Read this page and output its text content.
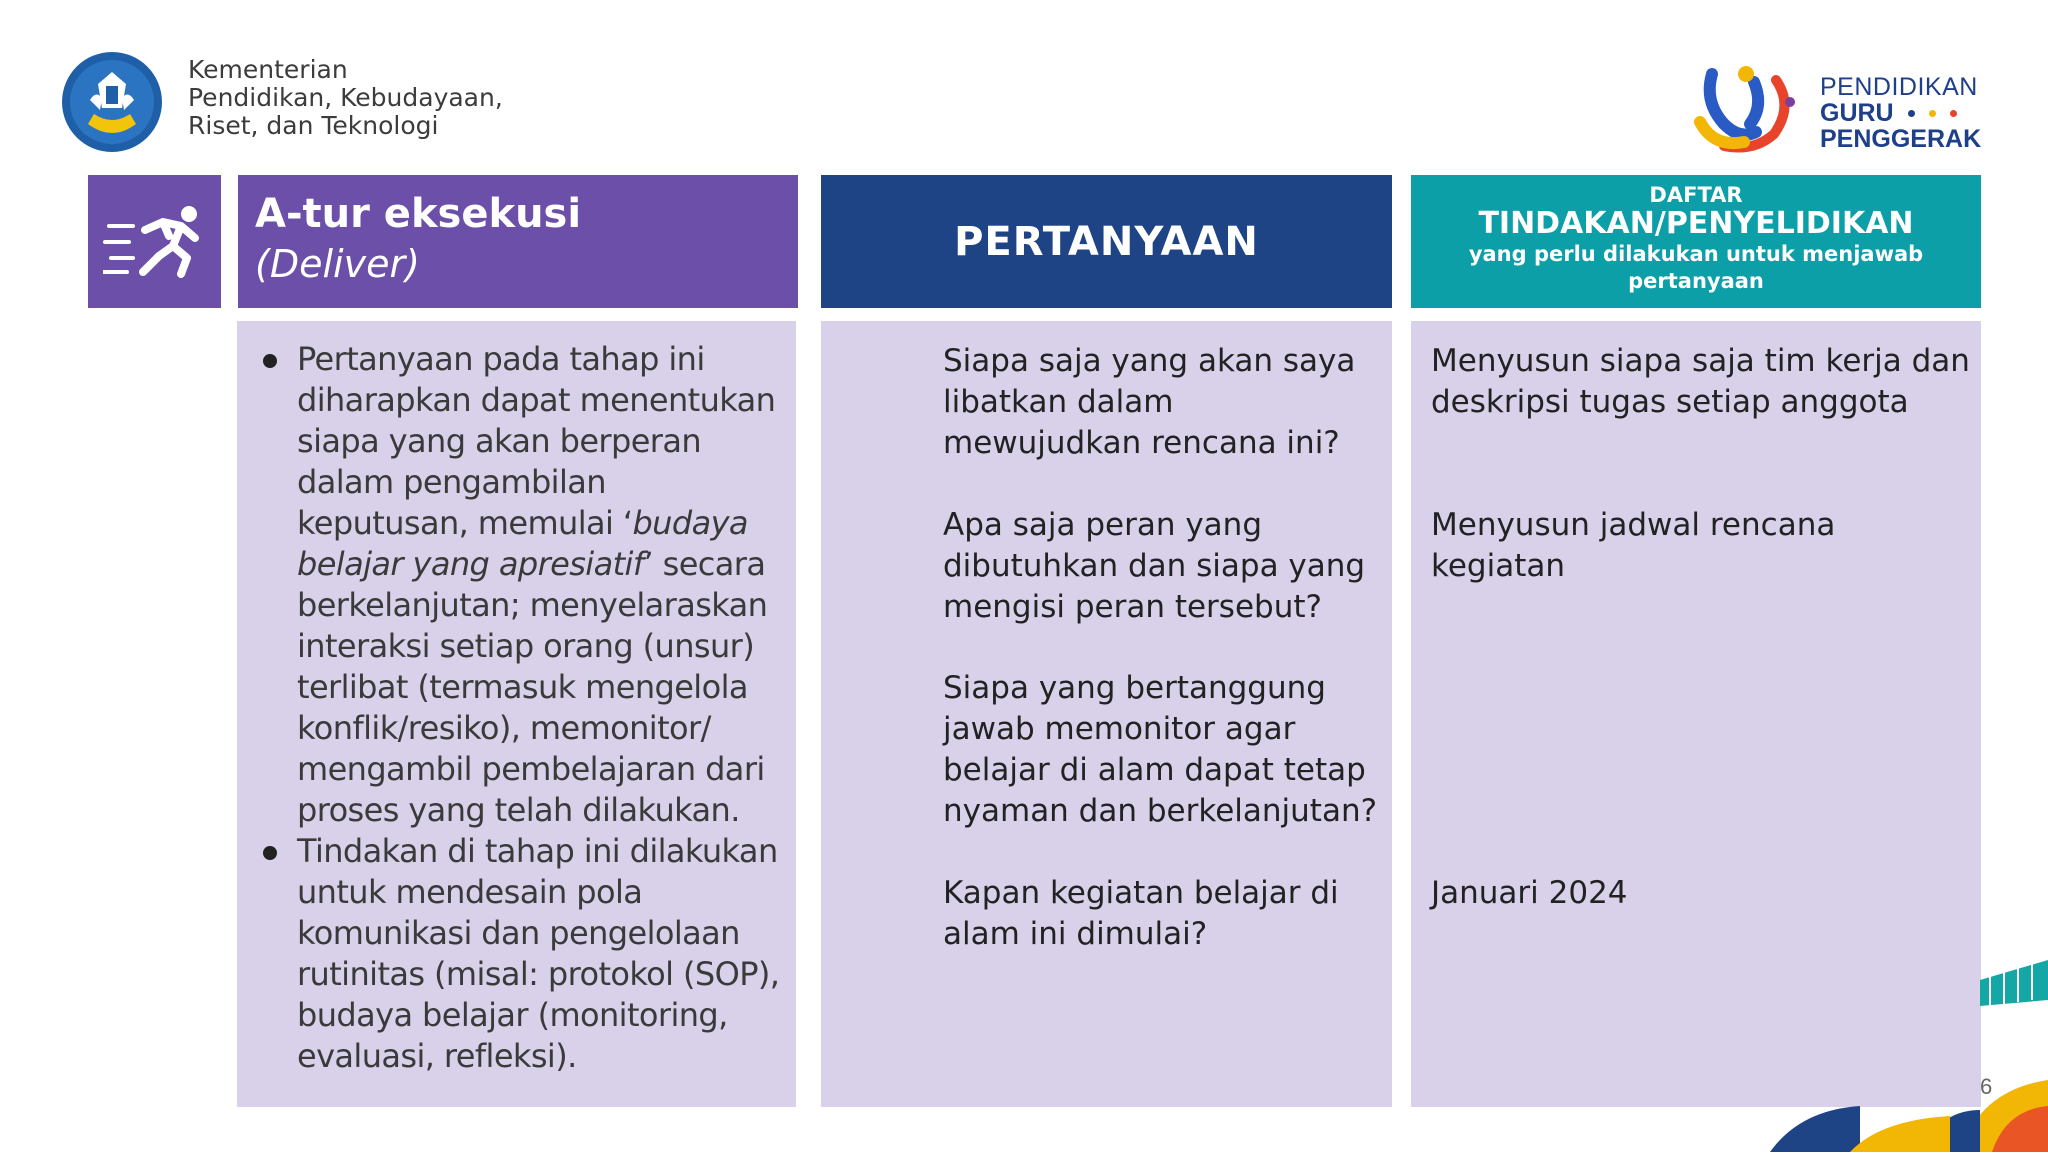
Kementerian
Pendidikan, Kebudayaan,
Riset, dan Teknologi
PENDIDIKAN
GURU
PENGGERAK
A-tur eksekusi
(Deliver)	PERTANYAAN
DAFTAR
TINDAKAN/PENYELIDIKAN
yang perlu dilakukan untuk menjawab pertanyaan
Pertanyaan pada tahap ini diharapkan dapat menentukan siapa yang akan berperan dalam pengambilan keputusan, memulai ‘budaya belajar yang apresiatif’ secara berkelanjutan; menyelaraskan interaksi setiap orang (unsur) terlibat (termasuk mengelola konflik/resiko), memonitor/ mengambil pembelajaran dari proses yang telah dilakukan.
Tindakan di tahap ini dilakukan untuk mendesain pola komunikasi dan pengelolaan rutinitas (misal: protokol (SOP), budaya belajar (monitoring, evaluasi, refleksi).
Siapa saja yang akan saya
libatkan dalam
mewujudkan rencana ini?
Apa saja peran yang
dibutuhkan dan siapa yang
mengisi peran tersebut?
Siapa yang bertanggung
jawab memonitor agar
belajar di alam dapat tetap
nyaman dan berkelanjutan?
Kapan kegiatan belajar di
alam ini dimulai?
Menyusun siapa saja tim kerja dan
deskripsi tugas setiap anggota
Menyusun jadwal rencana
kegiatan
Januari 2024
6
